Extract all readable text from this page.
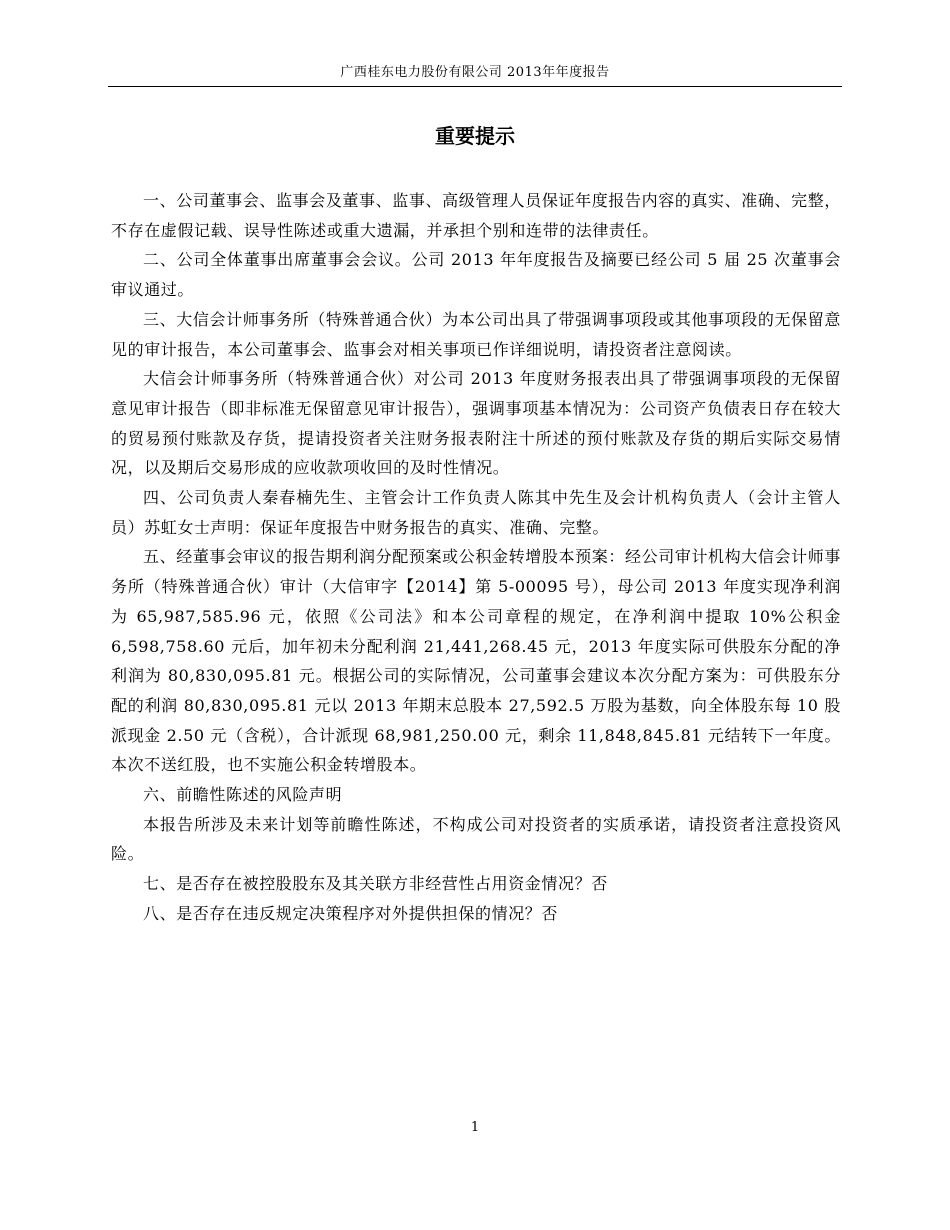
广西桂东电力股份有限公司 2013年年度报告
重要提示

一、公司董事会、监事会及董事、监事、高级管理人员保证年度报告内容的真实、准确、完整，不存在虚假记载、误导性陈述或重大遗漏，并承担个别和连带的法律责任。

二、公司全体董事出席董事会会议。公司 2013 年年度报告及摘要已经公司 5 届 25 次董事会审议通过。

三、大信会计师事务所（特殊普通合伙）为本公司出具了带强调事项段或其他事项段的无保留意见的审计报告，本公司董事会、监事会对相关事项已作详细说明，请投资者注意阅读。

大信会计师事务所（特殊普通合伙）对公司 2013 年度财务报表出具了带强调事项段的无保留意见审计报告（即非标准无保留意见审计报告），强调事项基本情况为：公司资产负债表日存在较大的贸易预付账款及存货，提请投资者关注财务报表附注十所述的预付账款及存货的期后实际交易情况，以及期后交易形成的应收款项收回的及时性情况。

四、公司负责人秦春楠先生、主管会计工作负责人陈其中先生及会计机构负责人（会计主管人员）苏虹女士声明：保证年度报告中财务报告的真实、准确、完整。

五、经董事会审议的报告期利润分配预案或公积金转增股本预案：经公司审计机构大信会计师事务所（特殊普通合伙）审计（大信审字【2014】第 5-00095 号），母公司 2013 年度实现净利润为 65,987,585.96 元，依照《公司法》和本公司章程的规定，在净利润中提取 10%公积金 6,598,758.60 元后，加年初未分配利润 21,441,268.45 元，2013 年度实际可供股东分配的净利润为 80,830,095.81 元。根据公司的实际情况，公司董事会建议本次分配方案为：可供股东分配的利润 80,830,095.81 元以 2013 年期末总股本 27,592.5 万股为基数，向全体股东每 10 股派现金 2.50 元（含税），合计派现 68,981,250.00 元，剩余 11,848,845.81 元结转下一年度。本次不送红股，也不实施公积金转增股本。

六、前瞻性陈述的风险声明

本报告所涉及未来计划等前瞻性陈述，不构成公司对投资者的实质承诺，请投资者注意投资风险。

七、是否存在被控股股东及其关联方非经营性占用资金情况？否

八、是否存在违反规定决策程序对外提供担保的情况？否

1
